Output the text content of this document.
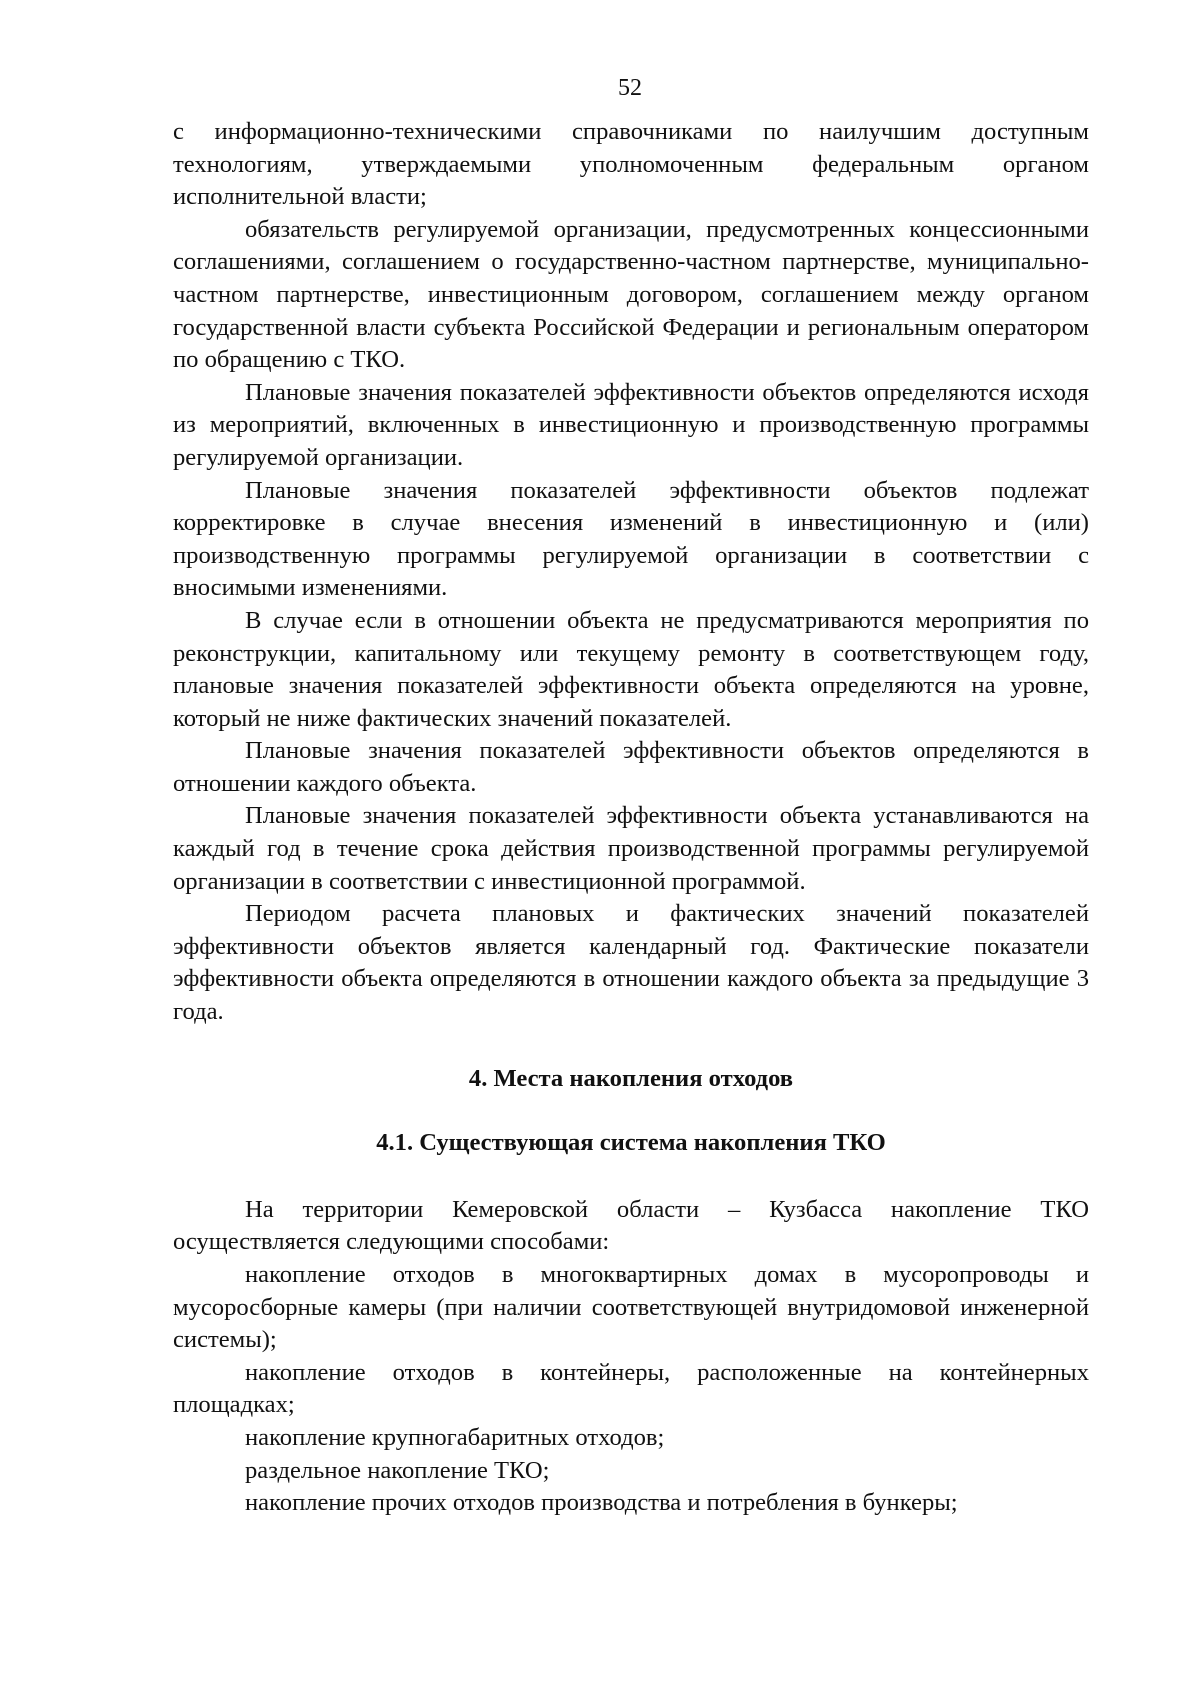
52

с информационно-техническими справочниками по наилучшим доступным технологиям, утверждаемыми уполномоченным федеральным органом исполнительной власти;

обязательств регулируемой организации, предусмотренных концессионными соглашениями, соглашением о государственно-частном партнерстве, муниципально-частном партнерстве, инвестиционным договором, соглашением между органом государственной власти субъекта Российской Федерации и региональным оператором по обращению с ТКО.

Плановые значения показателей эффективности объектов определяются исходя из мероприятий, включенных в инвестиционную и производственную программы регулируемой организации.

Плановые значения показателей эффективности объектов подлежат корректировке в случае внесения изменений в инвестиционную и (или) производственную программы регулируемой организации в соответствии с вносимыми изменениями.

В случае если в отношении объекта не предусматриваются мероприятия по реконструкции, капитальному или текущему ремонту в соответствующем году, плановые значения показателей эффективности объекта определяются на уровне, который не ниже фактических значений показателей.

Плановые значения показателей эффективности объектов определяются в отношении каждого объекта.

Плановые значения показателей эффективности объекта устанавливаются на каждый год в течение срока действия производственной программы регулируемой организации в соответствии с инвестиционной программой.

Периодом расчета плановых и фактических значений показателей эффективности объектов является календарный год. Фактические показатели эффективности объекта определяются в отношении каждого объекта за предыдущие 3 года.

4. Места накопления отходов

4.1. Существующая система накопления ТКО

На территории Кемеровской области – Кузбасса накопление ТКО осуществляется следующими способами:

накопление отходов в многоквартирных домах в мусоропроводы и мусоросборные камеры (при наличии соответствующей внутридомовой инженерной системы);

накопление отходов в контейнеры, расположенные на контейнерных площадках;

накопление крупногабаритных отходов;

раздельное накопление ТКО;

накопление прочих отходов производства и потребления в бункеры;
